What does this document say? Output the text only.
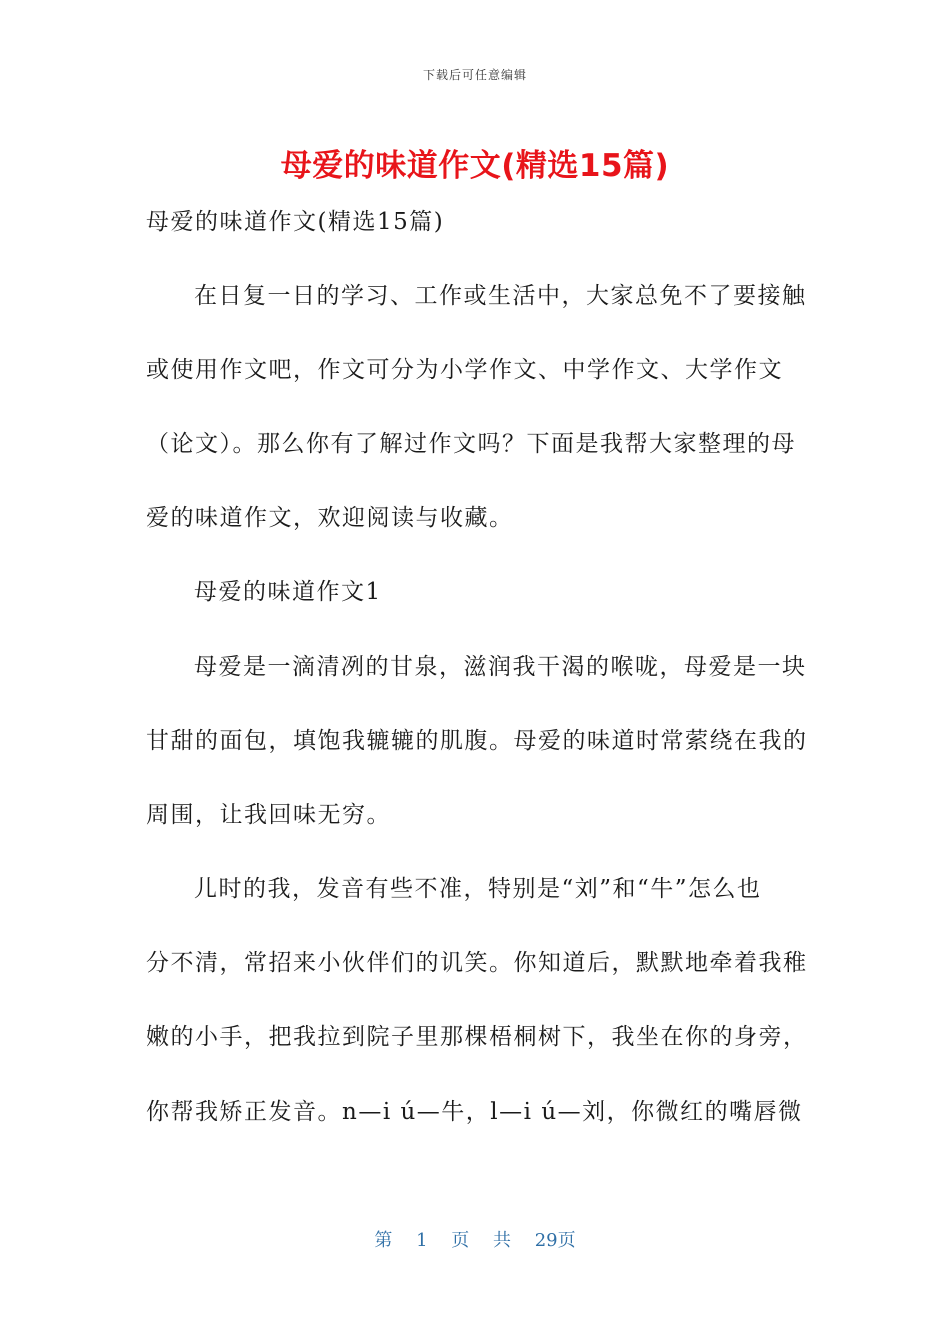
下载后可任意编辑
母爱的味道作文(精选15篇)
母爱的味道作文(精选15篇)
在日复一日的学习、工作或生活中，大家总免不了要接触
或使用作文吧，作文可分为小学作文、中学作文、大学作文
（论文）。那么你有了解过作文吗？下面是我帮大家整理的母
爱的味道作文，欢迎阅读与收藏。
母爱的味道作文1
母爱是一滴清冽的甘泉，滋润我干渴的喉咙，母爱是一块
甘甜的面包，填饱我辘辘的肌腹。母爱的味道时常萦绕在我的
周围，让我回味无穷。
儿时的我，发音有些不准，特别是“刘”和“牛”怎么也
分不清，常招来小伙伴们的讥笑。你知道后，默默地牵着我稚
嫩的小手，把我拉到院子里那棵梧桐树下，我坐在你的身旁，
你帮我矫正发音。n—i ú—牛，l—i ú—刘，你微红的嘴唇微
第 1 页 共 29页
